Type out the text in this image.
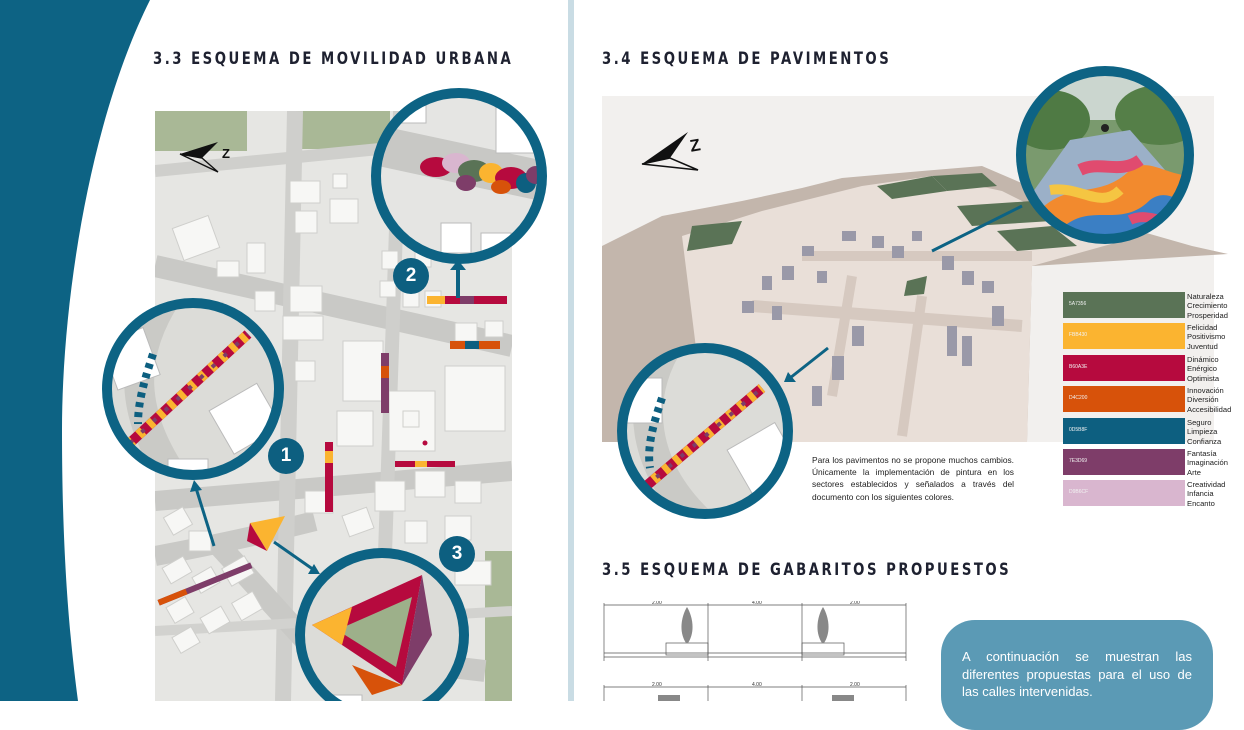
3.3 ESQUEMA DE MOVILIDAD URBANA
Z
2
1
3
3.4 ESQUEMA DE PAVIMENTOS
Z
Para los pavimentos no se propone muchos cambios. Únicamente la implementación de pintura en los sectores establecidos y señalados a través del documento con los siguientes colores.
5A7356
Naturaleza
Crecimiento
Prosperidad
FBB430
Felicidad
Positivismo
Juventud
B60A3E
Dinámico
Enérgico
Optimista
D4C200
Innovación
Diversión
Accesibilidad
0D5B8F
Seguro
Limpieza
Confianza
7E3D69
Fantasía
Imaginación
Arte
D9B6CF
Creatividad
Infancia
Encanto
3.5 ESQUEMA DE GABARITOS PROPUESTOS
2.00	4.00	2.00
2.00	4.00	2.00
A continuación se muestran las diferentes propuestas para el uso de las calles intervenidas.
